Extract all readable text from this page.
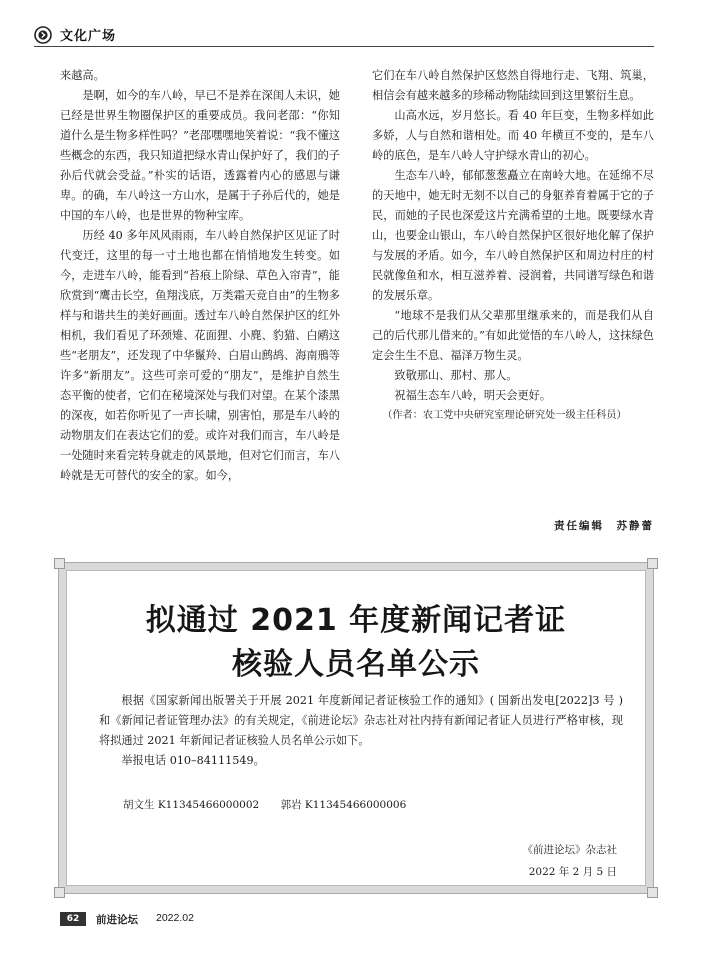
文化广场

来越高。

是啊，如今的车八岭，早已不是养在深闺人未识，她已经是世界生物圈保护区的重要成员。我问老邵：“你知道什么是生物多样性吗？”老邵嘿嘿地笑着说：“我不懂这些概念的东西，我只知道把绿水青山保护好了，我们的子孙后代就会受益。”朴实的话语，透露着内心的感恩与谦卑。的确，车八岭这一方山水，是属于子孙后代的，她是中国的车八岭，也是世界的物种宝库。

历经 40 多年风风雨雨，车八岭自然保护区见证了时代变迁，这里的每一寸土地也都在悄悄地发生转变。如今，走进车八岭，能看到“苔痕上阶绿、草色入帘青”，能欣赏到“鹰击长空，鱼翔浅底，万类霜天竞自由”的生物多样与和谐共生的美好画面。透过车八岭自然保护区的红外相机，我们看见了环颈雉、花面狸、小麂、豹猫、白鹇这些“老朋友”，还发现了中华鬣羚、白眉山鹧鸪、海南鳽等许多“新朋友”。这些可亲可爱的“朋友”，是维护自然生态平衡的使者，它们在秘境深处与我们对望。在某个漆黑的深夜，如若你听见了一声长啸，别害怕，那是车八岭的动物朋友们在表达它们的爱。或许对我们而言，车八岭是一处随时来看完转身就走的风景地，但对它们而言，车八岭就是无可替代的安全的家。如今，

它们在车八岭自然保护区悠然自得地行走、飞翔、筑巢，相信会有越来越多的珍稀动物陆续回到这里繁衍生息。

山高水远，岁月悠长。看 40 年巨变，生物多样如此多娇，人与自然和谐相处。而 40 年横亘不变的，是车八岭的底色，是车八岭人守护绿水青山的初心。

生态车八岭，郁郁葱葱矗立在南岭大地。在延绵不尽的天地中，她无时无刻不以自己的身躯养育着属于它的子民，而她的子民也深爱这片充满希望的土地。既要绿水青山，也要金山银山，车八岭自然保护区很好地化解了保护与发展的矛盾。如今，车八岭自然保护区和周边村庄的村民就像鱼和水，相互滋养着、浸润着，共同谱写绿色和谐的发展乐章。

“地球不是我们从父辈那里继承来的，而是我们从自己的后代那儿借来的。”有如此觉悟的车八岭人，这抹绿色定会生生不息、福泽万物生灵。

致敬那山、那村、那人。

祝福生态车八岭，明天会更好。

（作者：农工党中央研究室理论研究处一级主任科员）

责任编辑　苏静蕾
拟通过 2021 年度新闻记者证
核验人员名单公示

根据《国家新闻出版署关于开展 2021 年度新闻记者证核验工作的通知》( 国新出发电[2022]3 号 ) 和《新闻记者证管理办法》的有关规定，《前进论坛》杂志社对社内持有新闻记者证人员进行严格审核，现将拟通过 2021 年新闻记者证核验人员名单公示如下。

举报电话 010–84111549。

胡文生 K11345466000002 郭岩 K11345466000006
《前进论坛》杂志社
2022 年 2 月 5 日
62	前进论坛 2022.02
